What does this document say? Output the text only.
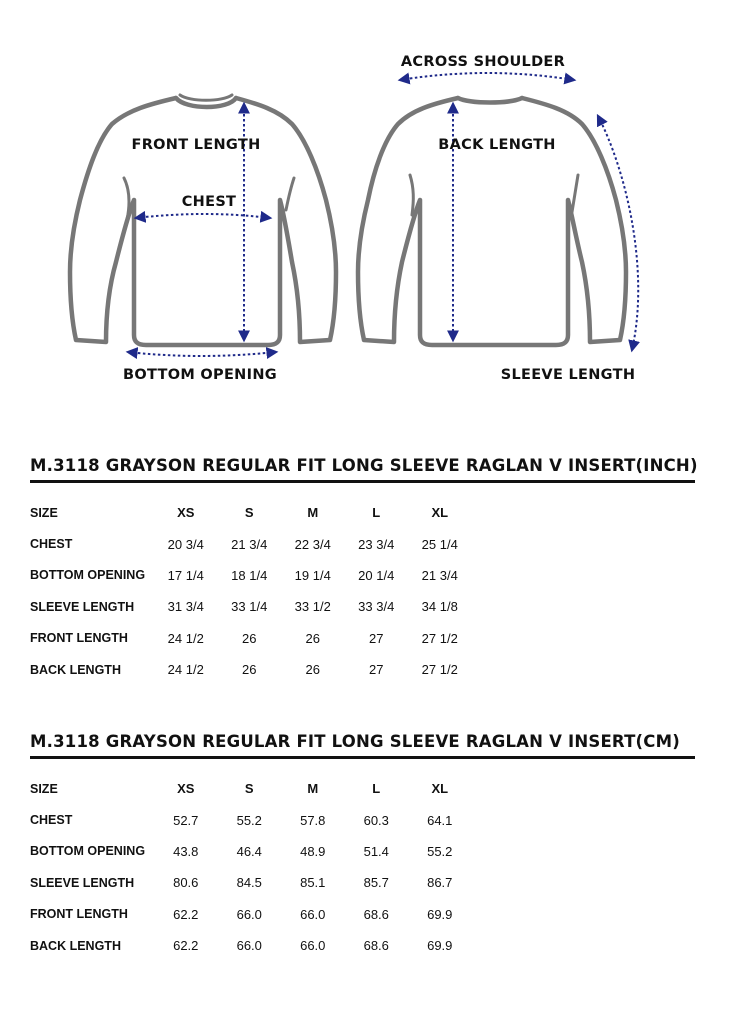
FRONT LENGTH
CHEST
BOTTOM OPENING
ACROSS SHOULDER
BACK LENGTH
SLEEVE LENGTH
M.3118 GRAYSON REGULAR FIT LONG SLEEVE RAGLAN V INSERT(INCH)
SIZE	XS	S	M	L	XL
CHEST	20 3/4	21 3/4	22 3/4	23 3/4	25 1/4
BOTTOM OPENING	17 1/4	18 1/4	19 1/4	20 1/4	21 3/4
SLEEVE LENGTH	31 3/4	33 1/4	33 1/2	33 3/4	34 1/8
FRONT LENGTH	24 1/2	26	26	27	27 1/2
BACK LENGTH	24 1/2	26	26	27	27 1/2
M.3118 GRAYSON REGULAR FIT LONG SLEEVE RAGLAN V INSERT(CM)
SIZE	XS	S	M	L	XL
CHEST	52.7	55.2	57.8	60.3	64.1
BOTTOM OPENING	43.8	46.4	48.9	51.4	55.2
SLEEVE LENGTH	80.6	84.5	85.1	85.7	86.7
FRONT LENGTH	62.2	66.0	66.0	68.6	69.9
BACK LENGTH	62.2	66.0	66.0	68.6	69.9
